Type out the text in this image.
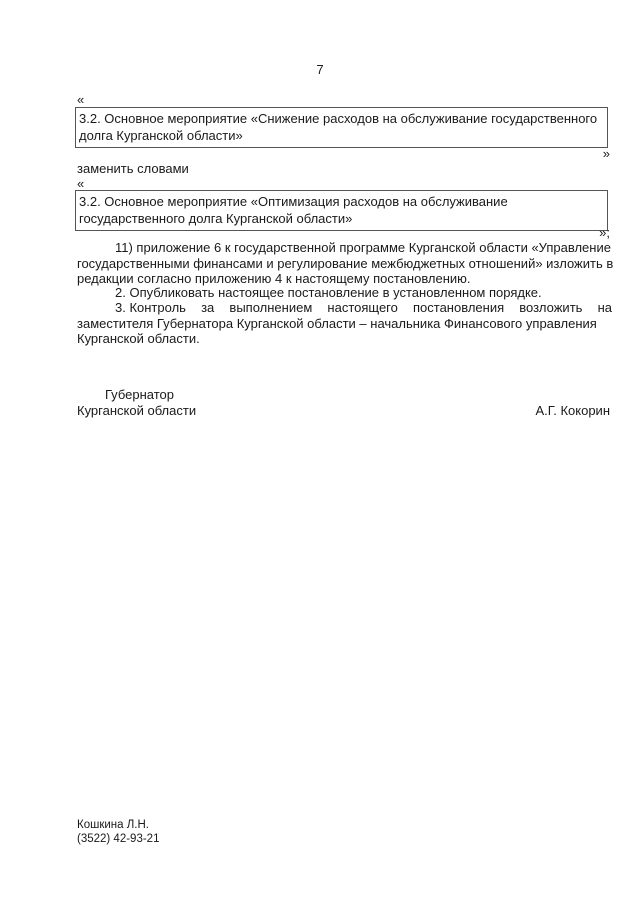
7
«
3.2. Основное мероприятие «Снижение расходов на обслуживание государственного
долга Курганской области»
»
заменить словами
«
3.2. Основное мероприятие «Оптимизация расходов на обслуживание
государственного долга Курганской области»
»;
11) приложение 6 к государственной программе Курганской области «Управление
государственными финансами и регулирование межбюджетных отношений» изложить в
редакции согласно приложению 4 к настоящему постановлению.
2. Опубликовать настоящее постановление в установленном порядке.
3. Контроль за выполнением настоящего постановления возложить на
заместителя Губернатора Курганской области – начальника Финансового управления
Курганской области.
Губернатор
Курганской области	А.Г. Кокорин
Кошкина Л.Н.
(3522) 42-93-21
